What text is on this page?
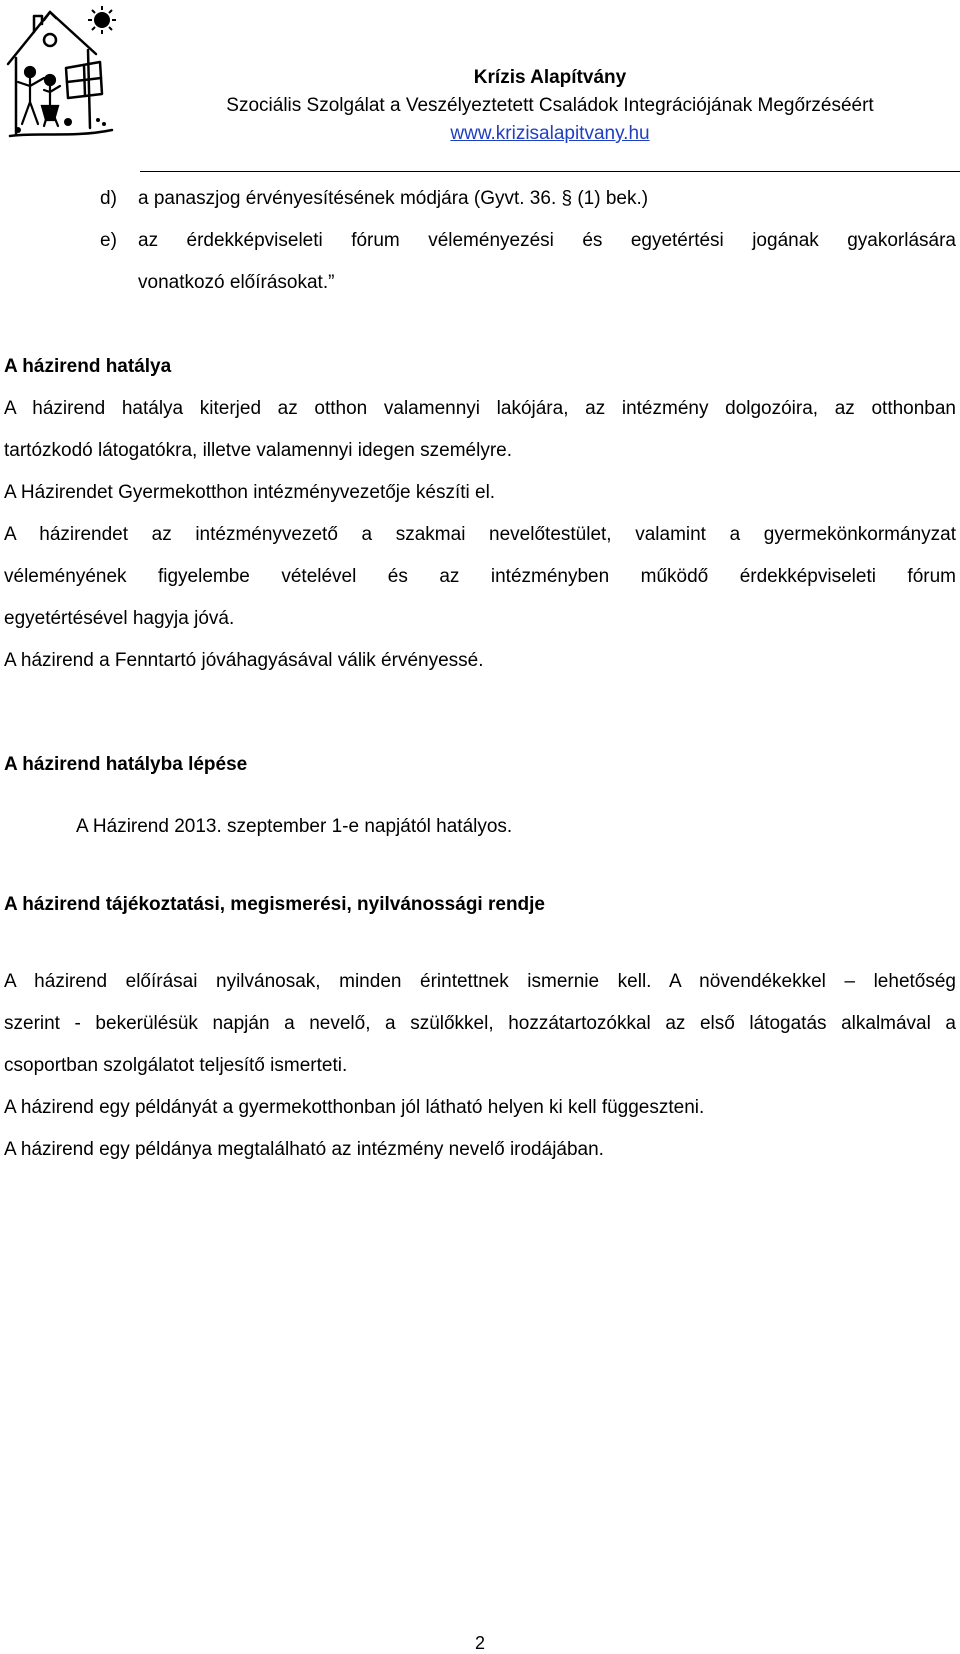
Krízis Alapítvány
Szociális Szolgálat a Veszélyeztetett Családok Integrációjának Megőrzéséért
www.krizisalapitvany.hu
d) a panaszjog érvényesítésének módjára (Gyvt. 36. § (1) bek.)
e)	az érdekképviseleti fórum véleményezési és egyetértési jogának gyakorlására
vonatkozó előírásokat.”
A házirend hatálya
A házirend hatálya kiterjed az otthon valamennyi lakójára, az intézmény dolgozóira, az otthonban
tartózkodó látogatókra, illetve valamennyi idegen személyre.
A Házirendet Gyermekotthon intézményvezetője készíti el.
A házirendet az intézményvezető a szakmai nevelőtestület, valamint a gyermekönkormányzat
véleményének figyelembe vételével és az intézményben működő érdekképviseleti fórum
egyetértésével hagyja jóvá.
A házirend a Fenntartó jóváhagyásával válik érvényessé.
A házirend hatályba lépése
A Házirend 2013. szeptember 1-e napjától hatályos.
A házirend tájékoztatási, megismerési, nyilvánossági rendje
A házirend előírásai nyilvánosak, minden érintettnek ismernie kell. A növendékekkel – lehetőség
szerint - bekerülésük napján a nevelő, a szülőkkel, hozzátartozókkal az első látogatás alkalmával a
csoportban szolgálatot teljesítő ismerteti.
A házirend egy példányát a gyermekotthonban jól látható helyen ki kell függeszteni.
A házirend egy példánya megtalálható az intézmény nevelő irodájában.
2
